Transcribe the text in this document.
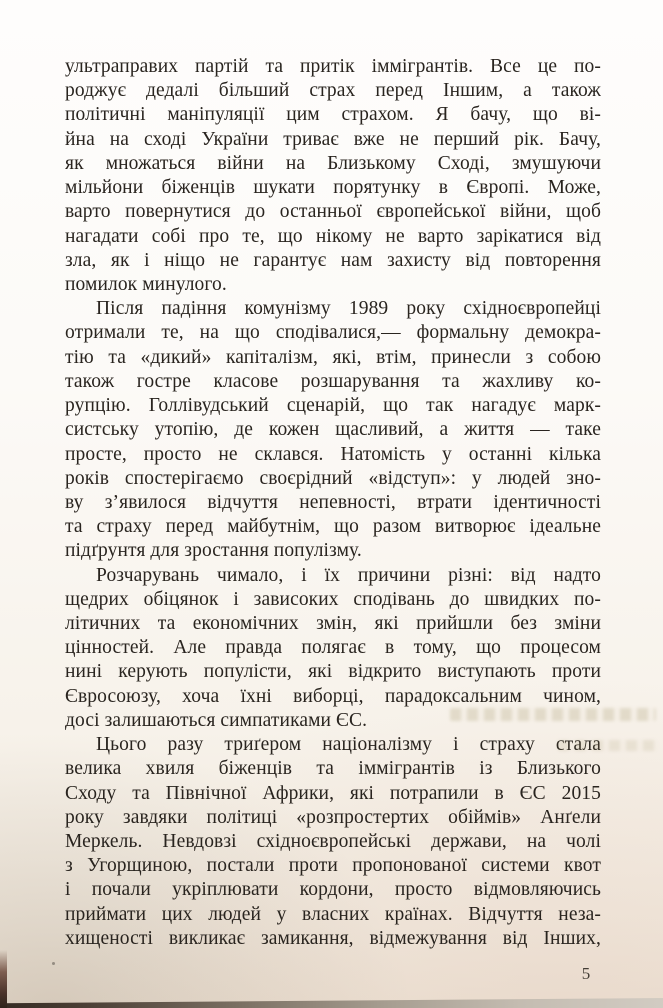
ультраправих партій та притік іммігрантів. Все це по-
роджує дедалі більший страх перед Іншим, а також
політичні маніпуляції цим страхом. Я бачу, що ві-
йна на сході України триває вже не перший рік. Бачу,
як множаться війни на Близькому Сході, змушуючи
мільйони біженців шукати порятунку в Європі. Може,
варто повернутися до останньої європейської війни, щоб
нагадати собі про те, що нікому не варто зарікатися від
зла, як і ніщо не гарантує нам захисту від повторення
помилок минулого.
Після падіння комунізму 1989 року східноєвропейці
отримали те, на що сподівалися,— формальну демокра-
тію та «дикий» капіталізм, які, втім, принесли з собою
також гостре класове розшарування та жахливу ко-
рупцію. Голлівудський сценарій, що так нагадує марк-
систську утопію, де кожен щасливий, а життя — таке
просте, просто не склався. Натомість у останні кілька
років спостерігаємо своєрідний «відступ»: у людей зно-
ву з’явилося відчуття непевності, втрати ідентичності
та страху перед майбутнім, що разом витворює ідеальне
підґрунтя для зростання популізму.
Розчарувань чимало, і їх причини різні: від надто
щедрих обіцянок і зависоких сподівань до швидких по-
літичних та економічних змін, які прийшли без зміни
цінностей. Але правда полягає в тому, що процесом
нині керують популісти, які відкрито виступають проти
Євросоюзу, хоча їхні виборці, парадоксальним чином,
досі залишаються симпатиками ЄС.
Цього разу триґером націоналізму і страху стала
велика хвиля біженців та іммігрантів із Близького
Сходу та Північної Африки, які потрапили в ЄС 2015
року завдяки політиці «розпростертих обіймів» Анґели
Меркель. Невдовзі східноєвропейські держави, на чолі
з Угорщиною, постали проти пропонованої системи квот
і почали укріплювати кордони, просто відмовляючись
приймати цих людей у власних країнах. Відчуття неза-
хищеності викликає замикання, відмежування від Інших,
5
